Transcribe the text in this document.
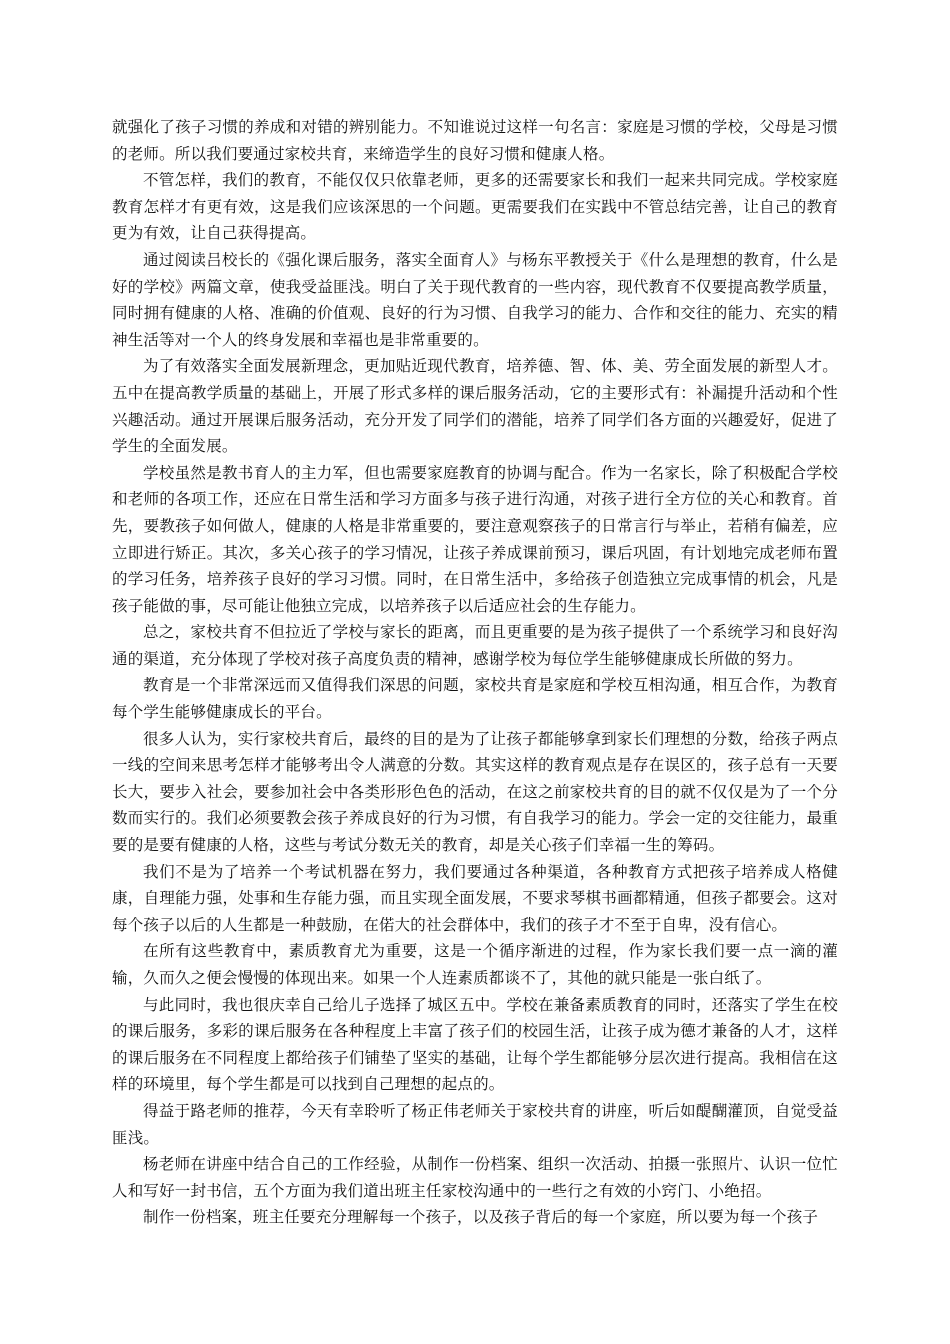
就强化了孩子习惯的养成和对错的辨别能力。不知谁说过这样一句名言：家庭是习惯的学校，父母是习惯的老师。所以我们要通过家校共育，来缔造学生的良好习惯和健康人格。

不管怎样，我们的教育，不能仅仅只依靠老师，更多的还需要家长和我们一起来共同完成。学校家庭教育怎样才有更有效，这是我们应该深思的一个问题。更需要我们在实践中不管总结完善，让自己的教育更为有效，让自己获得提高。

通过阅读吕校长的《强化课后服务，落实全面育人》与杨东平教授关于《什么是理想的教育，什么是好的学校》两篇文章，使我受益匪浅。明白了关于现代教育的一些内容，现代教育不仅要提高教学质量，同时拥有健康的人格、准确的价值观、良好的行为习惯、自我学习的能力、合作和交往的能力、充实的精神生活等对一个人的终身发展和幸福也是非常重要的。

为了有效落实全面发展新理念，更加贴近现代教育，培养德、智、体、美、劳全面发展的新型人才。五中在提高教学质量的基础上，开展了形式多样的课后服务活动，它的主要形式有：补漏提升活动和个性兴趣活动。通过开展课后服务活动，充分开发了同学们的潜能，培养了同学们各方面的兴趣爱好，促进了学生的全面发展。

学校虽然是教书育人的主力军，但也需要家庭教育的协调与配合。作为一名家长，除了积极配合学校和老师的各项工作，还应在日常生活和学习方面多与孩子进行沟通，对孩子进行全方位的关心和教育。首先，要教孩子如何做人，健康的人格是非常重要的，要注意观察孩子的日常言行与举止，若稍有偏差，应立即进行矫正。其次，多关心孩子的学习情况，让孩子养成课前预习，课后巩固，有计划地完成老师布置的学习任务，培养孩子良好的学习习惯。同时，在日常生活中，多给孩子创造独立完成事情的机会，凡是孩子能做的事，尽可能让他独立完成，以培养孩子以后适应社会的生存能力。

总之，家校共育不但拉近了学校与家长的距离，而且更重要的是为孩子提供了一个系统学习和良好沟通的渠道，充分体现了学校对孩子高度负责的精神，感谢学校为每位学生能够健康成长所做的努力。

教育是一个非常深远而又值得我们深思的问题，家校共育是家庭和学校互相沟通，相互合作，为教育每个学生能够健康成长的平台。

很多人认为，实行家校共育后，最终的目的是为了让孩子都能够拿到家长们理想的分数，给孩子两点一线的空间来思考怎样才能够考出令人满意的分数。其实这样的教育观点是存在误区的，孩子总有一天要长大，要步入社会，要参加社会中各类形形色色的活动，在这之前家校共育的目的就不仅仅是为了一个分数而实行的。我们必须要教会孩子养成良好的行为习惯，有自我学习的能力。学会一定的交往能力，最重要的是要有健康的人格，这些与考试分数无关的教育，却是关心孩子们幸福一生的筹码。

我们不是为了培养一个考试机器在努力，我们要通过各种渠道，各种教育方式把孩子培养成人格健康，自理能力强，处事和生存能力强，而且实现全面发展，不要求琴棋书画都精通，但孩子都要会。这对每个孩子以后的人生都是一种鼓励，在偌大的社会群体中，我们的孩子才不至于自卑，没有信心。

在所有这些教育中，素质教育尤为重要，这是一个循序渐进的过程，作为家长我们要一点一滴的灌输，久而久之便会慢慢的体现出来。如果一个人连素质都谈不了，其他的就只能是一张白纸了。

与此同时，我也很庆幸自己给儿子选择了城区五中。学校在兼备素质教育的同时，还落实了学生在校的课后服务，多彩的课后服务在各种程度上丰富了孩子们的校园生活，让孩子成为德才兼备的人才，这样的课后服务在不同程度上都给孩子们铺垫了坚实的基础，让每个学生都能够分层次进行提高。我相信在这样的环境里，每个学生都是可以找到自己理想的起点的。

得益于路老师的推荐，今天有幸聆听了杨正伟老师关于家校共育的讲座，听后如醍醐灌顶，自觉受益匪浅。

杨老师在讲座中结合自己的工作经验，从制作一份档案、组织一次活动、拍摄一张照片、认识一位忙人和写好一封书信，五个方面为我们道出班主任家校沟通中的一些行之有效的小窍门、小绝招。

制作一份档案，班主任要充分理解每一个孩子，以及孩子背后的每一个家庭，所以要为每一个孩子
